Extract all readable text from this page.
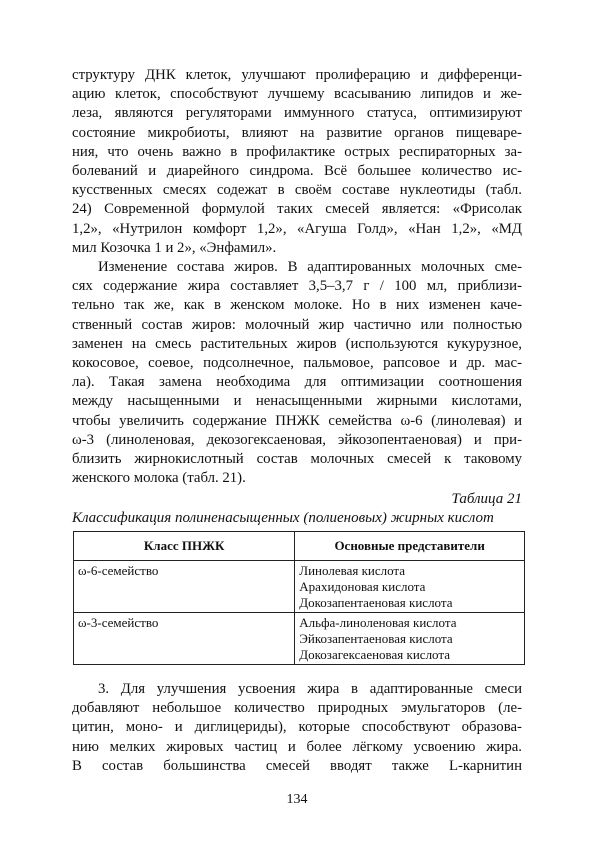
структуру ДНК клеток, улучшают пролиферацию и дифференци-
ацию клеток, способствуют лучшему всасыванию липидов и же-
леза, являются регуляторами иммунного статуса, оптимизируют
состояние микробиоты, влияют на развитие органов пищеваре-
ния, что очень важно в профилактике острых респираторных за-
болеваний и диарейного синдрома. Всё большее количество ис-
кусственных смесях содежат в своём составе нуклеотиды (табл.
24) Современной формулой таких смесей является: «Фрисолак
1,2», «Нутрилон комфорт 1,2», «Агуша Голд», «Нан 1,2», «МД
мил Козочка 1 и 2», «Энфамил».

Изменение состава жиров. В адаптированных молочных сме-
сях содержание жира составляет 3,5–3,7 г / 100 мл, приблизи-
тельно так же, как в женском молоке. Но в них изменен каче-
ственный состав жиров: молочный жир частично или полностью
заменен на смесь растительных жиров (используются кукурузное,
кокосовое, соевое, подсолнечное, пальмовое, рапсовое и др. мас-
ла). Такая замена необходима для оптимизации соотношения
между насыщенными и ненасыщенными жирными кислотами,
чтобы увеличить содержание ПНЖК семейства ω-6 (линолевая) и
ω-3 (линоленовая, декозогексаеновая, эйкозопентаеновая) и при-
близить жирнокислотный состав молочных смесей к таковому
женского молока (табл. 21).

Таблица 21

Классификация полиненасыщенных (полиеновых) жирных кислот

Класс ПНЖК	Основные представители
ω-6-семейство	Линолевая кислота
Арахидоновая кислота
Докозапентаеновая кислота

ω-3-семейство	Альфа-линоленовая кислота
Эйкозапентаеновая кислота
Докозагексаеновая кислота

3. Для улучшения усвоения жира в адаптированные смеси
добавляют небольшое количество природных эмульгаторов (ле-
цитин, моно- и диглицериды), которые способствуют образова-
нию мелких жировых частиц и более лёгкому усвоению жира.
В состав большинства смесей вводят также L-карнитин

134
